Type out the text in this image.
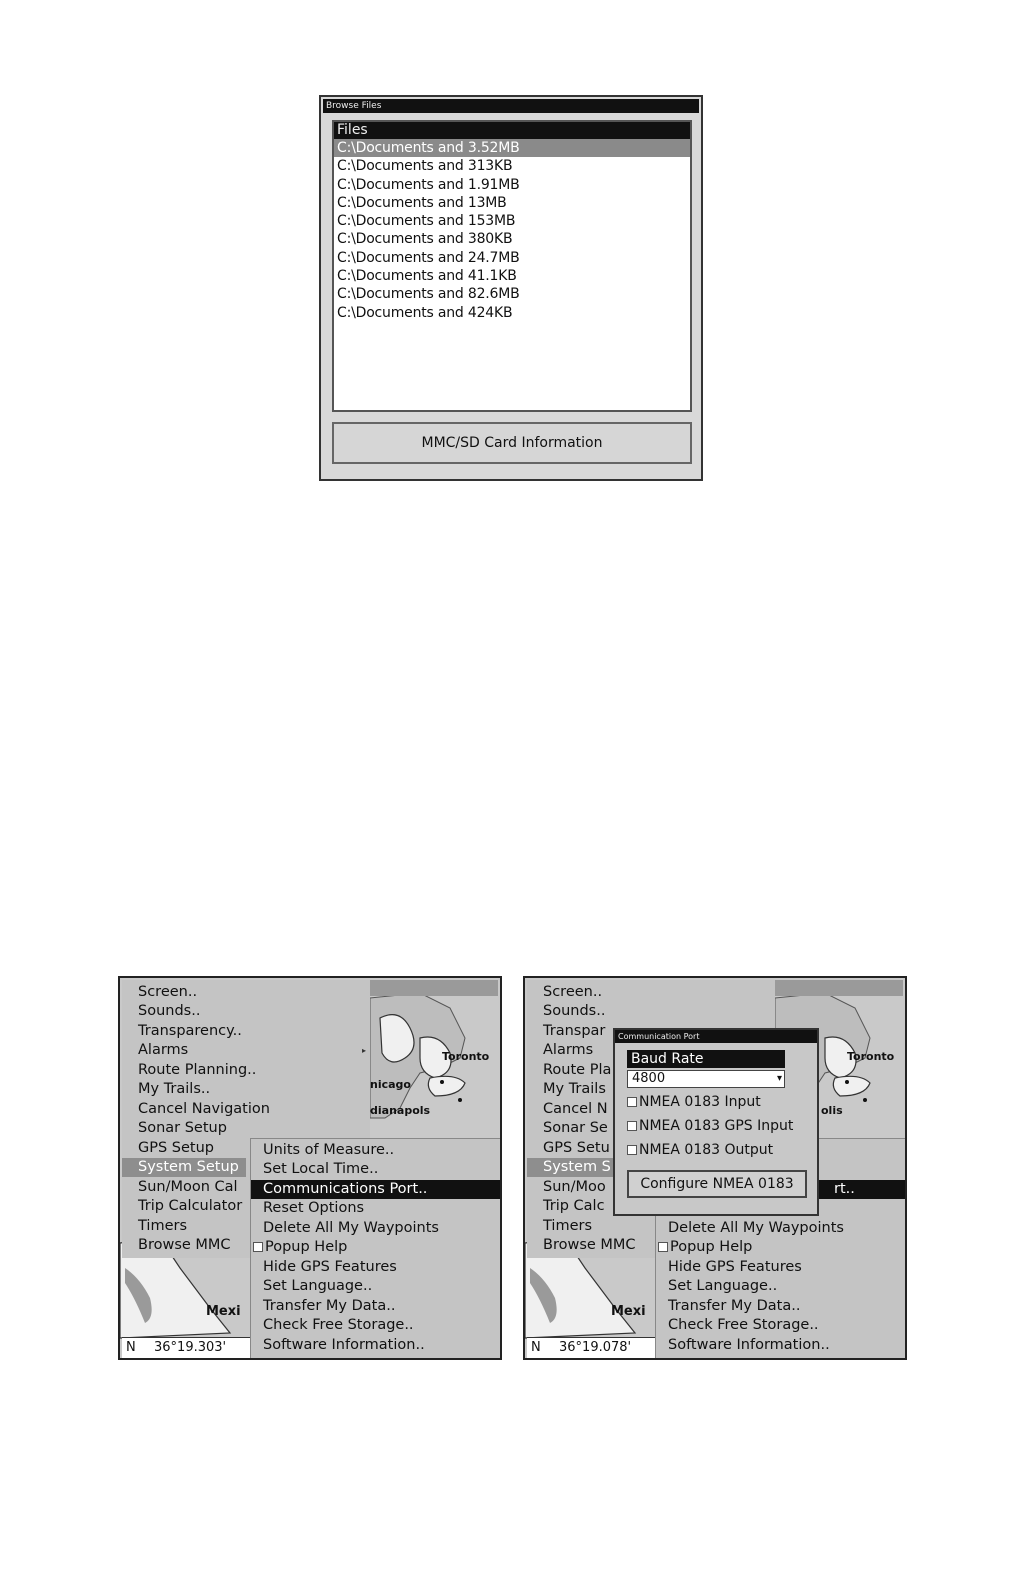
Browse Files
Files
C:\Documents and 3.52MB
C:\Documents and 313KB
C:\Documents and 1.91MB
C:\Documents and 13MB
C:\Documents and 153MB
C:\Documents and 380KB
C:\Documents and 24.7MB
C:\Documents and 41.1KB
C:\Documents and 82.6MB
C:\Documents and 424KB
MMC/SD Card Information
Toronto
nicago
dianapols
Screen..
Sounds..
Transparency..
Alarms
Route Planning..
My Trails..
Cancel Navigation
Sonar Setup
GPS Setup
System Setup
Sun/Moon Cal
Trip Calculator
Timers
Browse MMC
▸
Units of Measure..
Set Local Time..
Communications Port..
Reset Options
Delete All My Waypoints
Popup Help
Hide GPS Features
Set Language..
Transfer My Data..
Check Free Storage..
Software Information..
Mexi
N 36°19.303'
Toronto
olis
Screen..
Sounds..
Transpar
Alarms
Route Pla
My Trails
Cancel N
Sonar Se
GPS Setu
System S
Sun/Moo
Trip Calc
Timers
Browse MMC
rt..
Delete All My Waypoints
Popup Help
Hide GPS Features
Set Language..
Transfer My Data..
Check Free Storage..
Software Information..
Mexi
N 36°19.078'
Communication Port
Baud Rate
4800	▾
NMEA 0183 Input
NMEA 0183 GPS Input
NMEA 0183 Output
Configure NMEA 0183
